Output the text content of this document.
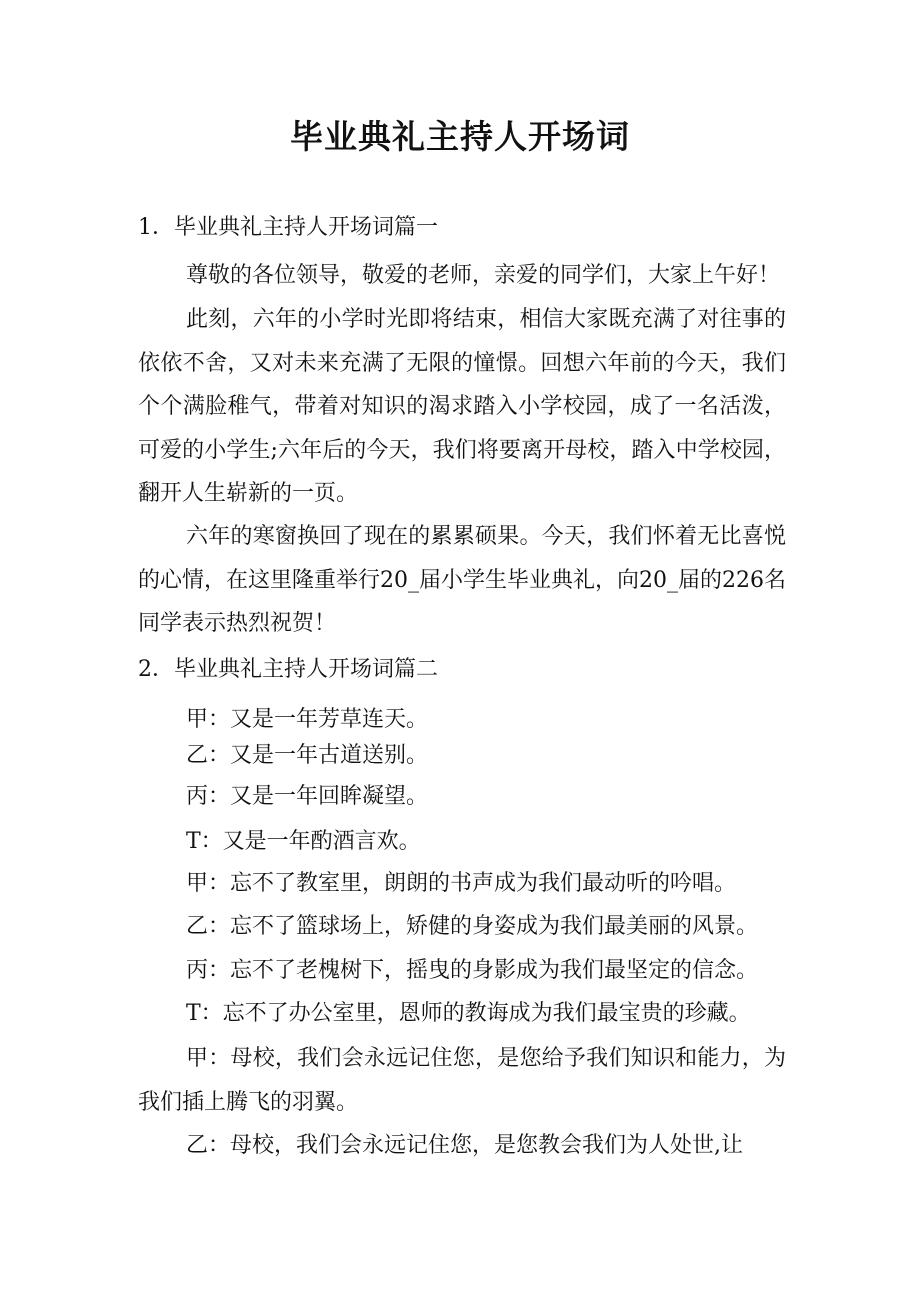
毕业典礼主持人开场词
1．毕业典礼主持人开场词篇一
尊敬的各位领导，敬爱的老师，亲爱的同学们，大家上午好！
此刻，六年的小学时光即将结束，相信大家既充满了对往事的依依不舍，又对未来充满了无限的憧憬。回想六年前的今天，我们个个满脸稚气，带着对知识的渴求踏入小学校园，成了一名活泼，可爱的小学生;六年后的今天，我们将要离开母校，踏入中学校园，翻开人生崭新的一页。
六年的寒窗换回了现在的累累硕果。今天，我们怀着无比喜悦的心情，在这里隆重举行20_届小学生毕业典礼，向20_届的226名同学表示热烈祝贺！
2．毕业典礼主持人开场词篇二
甲：又是一年芳草连天。
乙：又是一年古道送别。
丙：又是一年回眸凝望。
T：又是一年酌酒言欢。
甲：忘不了教室里，朗朗的书声成为我们最动听的吟唱。
乙：忘不了篮球场上，矫健的身姿成为我们最美丽的风景。
丙：忘不了老槐树下，摇曳的身影成为我们最坚定的信念。
T：忘不了办公室里，恩师的教诲成为我们最宝贵的珍藏。
甲：母校，我们会永远记住您，是您给予我们知识和能力，为我们插上腾飞的羽翼。
乙：母校，我们会永远记住您，是您教会我们为人处世,让
